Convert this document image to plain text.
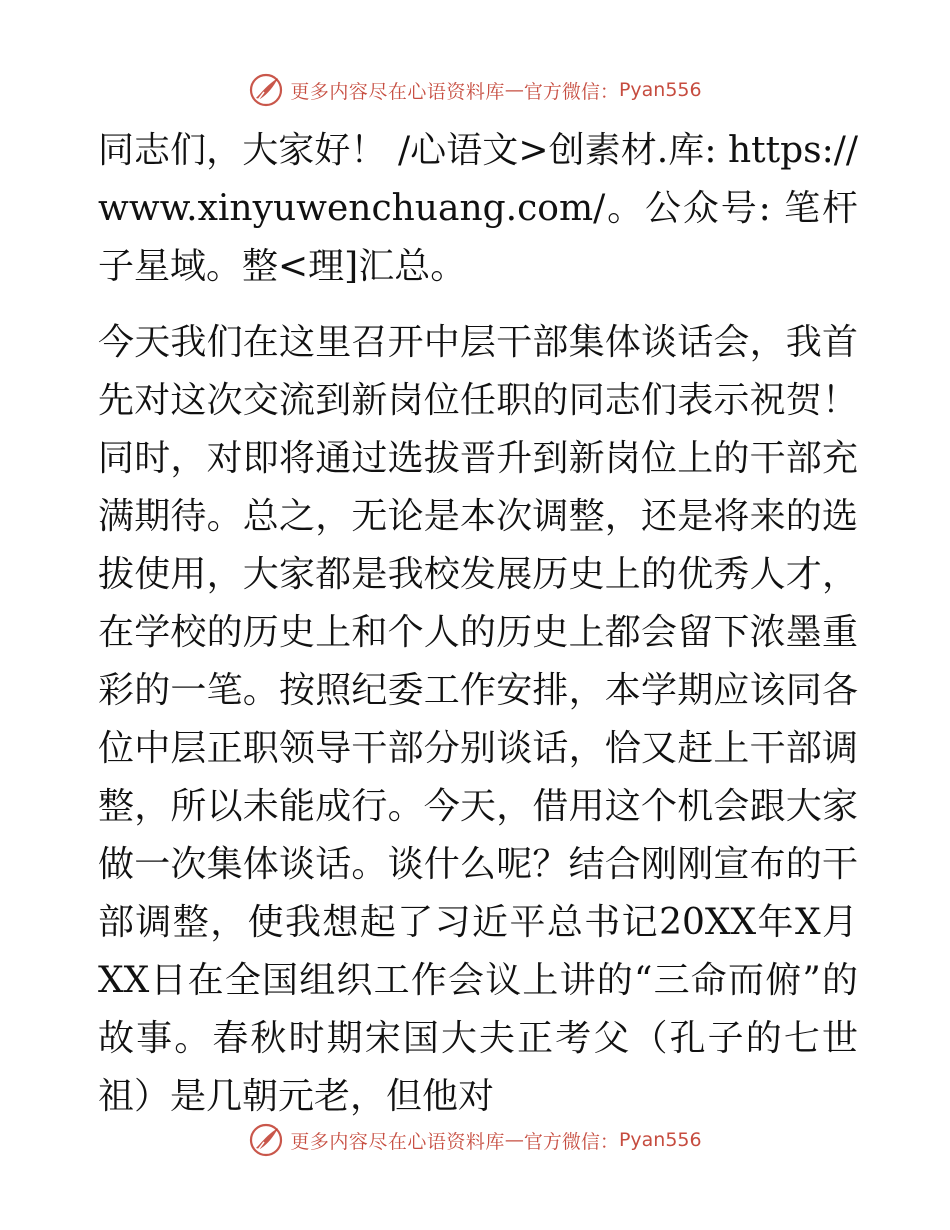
更多内容尽在心语资料库 — 官方微信： Pyan556

同志们，大家好！ /心语文>创素材.库: https://www.xinyuwenchuang.com/。公众号: 笔杆子星域。整<理]汇总。

今天我们在这里召开中层干部集体谈话会，我首先对这次交流到新岗位任职的同志们表示祝贺！同时，对即将通过选拔晋升到新岗位上的干部充满期待。总之，无论是本次调整，还是将来的选拔使用，大家都是我校发展历史上的优秀人才，在学校的历史上和个人的历史上都会留下浓墨重彩的一笔。按照纪委工作安排，本学期应该同各位中层正职领导干部分别谈话，恰又赶上干部调整，所以未能成行。今天，借用这个机会跟大家做一次集体谈话。谈什么呢？结合刚刚宣布的干部调整，使我想起了习近平总书记20XX年X月XX日在全国组织工作会议上讲的“三命而俯”的故事。春秋时期宋国大夫正考父（孔子的七世祖）是几朝元老，但他对

更多内容尽在心语资料库 — 官方微信： Pyan556
